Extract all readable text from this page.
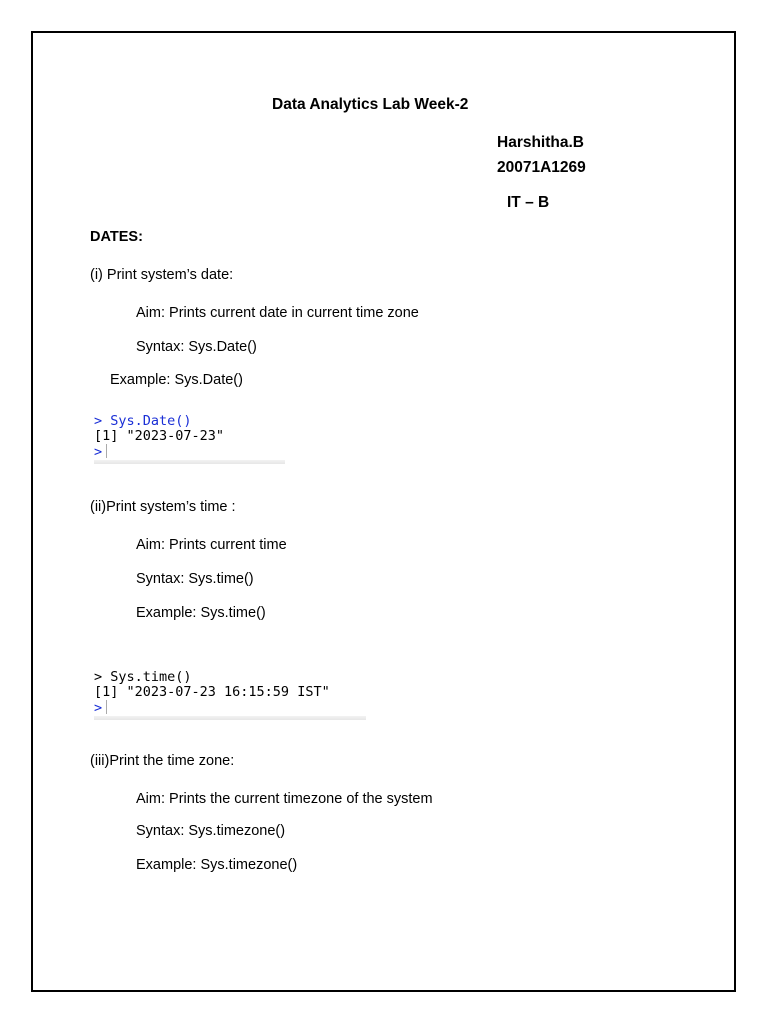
Data Analytics Lab Week-2
Harshitha.B
20071A1269
IT – B
DATES:
(i) Print system’s date:
Aim: Prints current date in current time zone
Syntax: Sys.Date()
Example: Sys.Date()
> Sys.Date()
[1] "2023-07-23"
>
(ii)Print system’s time :
Aim: Prints current time
Syntax: Sys.time()
Example: Sys.time()
> Sys.time()
[1] "2023-07-23 16:15:59 IST"
>
(iii)Print the time zone:
Aim: Prints the current timezone of the system
Syntax: Sys.timezone()
Example: Sys.timezone()
